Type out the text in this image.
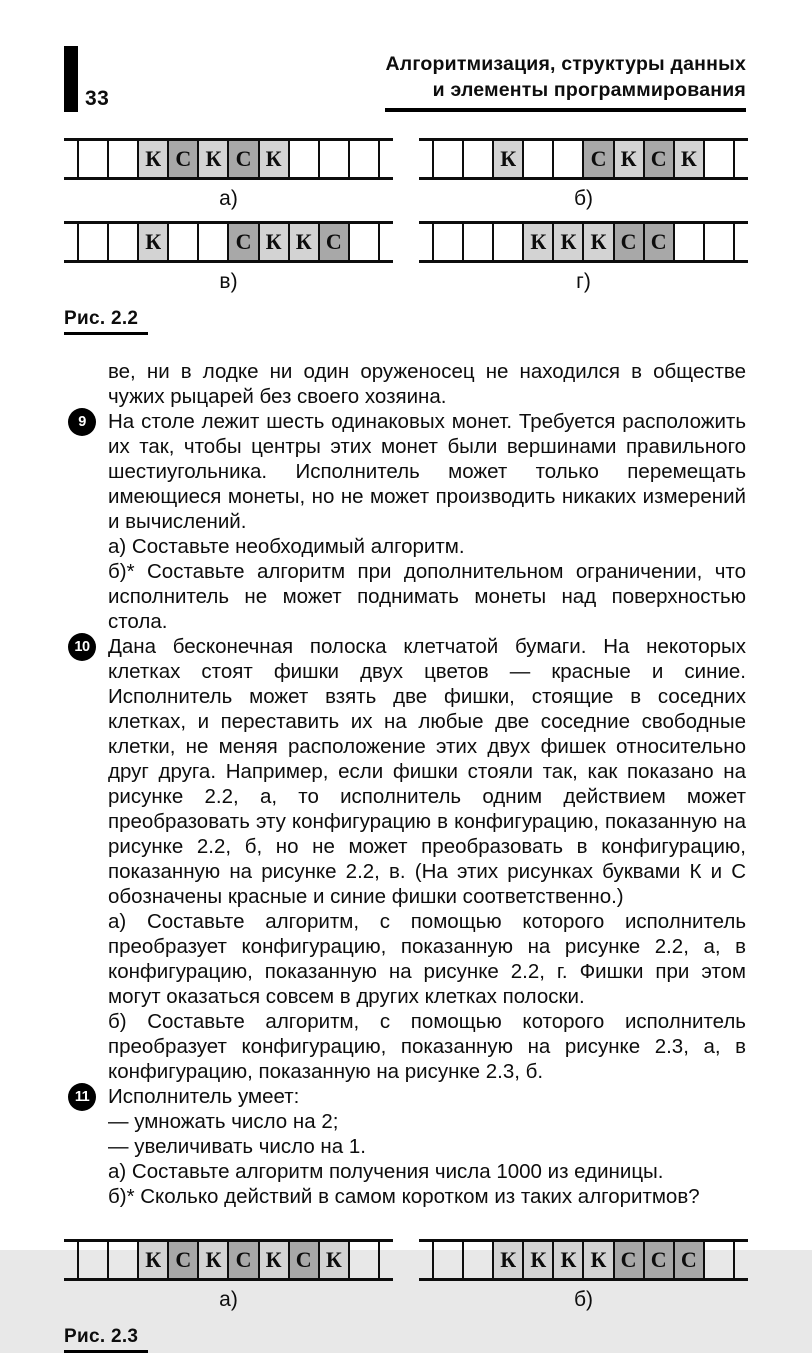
33
Алгоритмизация, структуры данных
и элементы программирования
К С К С К
а)
К	С К С К
б)
К	С К К С
в)
К К К С С
г)
Рис. 2.2

ве, ни в лодке ни один оруженосец не находился в обществе чужих рыцарей без своего хозяина.

9	На столе лежит шесть одинаковых монет. Требуется расположить их так, чтобы центры этих монет были вершинами правильного шестиугольника. Исполнитель может только перемещать имеющиеся монеты, но не может производить никаких измерений и вычислений.

а) Составьте необходимый алгоритм.

б)* Составьте алгоритм при дополнительном ограничении, что исполнитель не может поднимать монеты над поверхностью стола.

10 Дана бесконечная полоска клетчатой бумаги. На некоторых клетках стоят фишки двух цветов — красные и синие. Исполнитель может взять две фишки, стоящие в соседних клетках, и переставить их на любые две соседние свободные клетки, не меняя расположение этих двух фишек относительно друг друга. Например, если фишки стояли так, как показано на рисунке 2.2, а, то исполнитель одним действием может преобразовать эту конфигурацию в конфигурацию, показанную на рисунке 2.2, б, но не может преобразовать в конфигурацию, показанную на рисунке 2.2, в. (На этих рисунках буквами К и С обозначены красные и синие фишки соответственно.)

а) Составьте алгоритм, с помощью которого исполнитель преобразует конфигурацию, показанную на рисунке 2.2, а, в конфигурацию, показанную на рисунке 2.2, г. Фишки при этом могут оказаться совсем в других клетках полоски.

б) Составьте алгоритм, с помощью которого исполнитель преобразует конфигурацию, показанную на рисунке 2.3, а, в конфигурацию, показанную на рисунке 2.3, б.

11 Исполнитель умеет:

— умножать число на 2;

— увеличивать число на 1.

а) Составьте алгоритм получения числа 1000 из единицы.

б)* Сколько действий в самом коротком из таких алгоритмов?

К С К С К С К
а)
К К К К С С С
б)
Рис. 2.3
